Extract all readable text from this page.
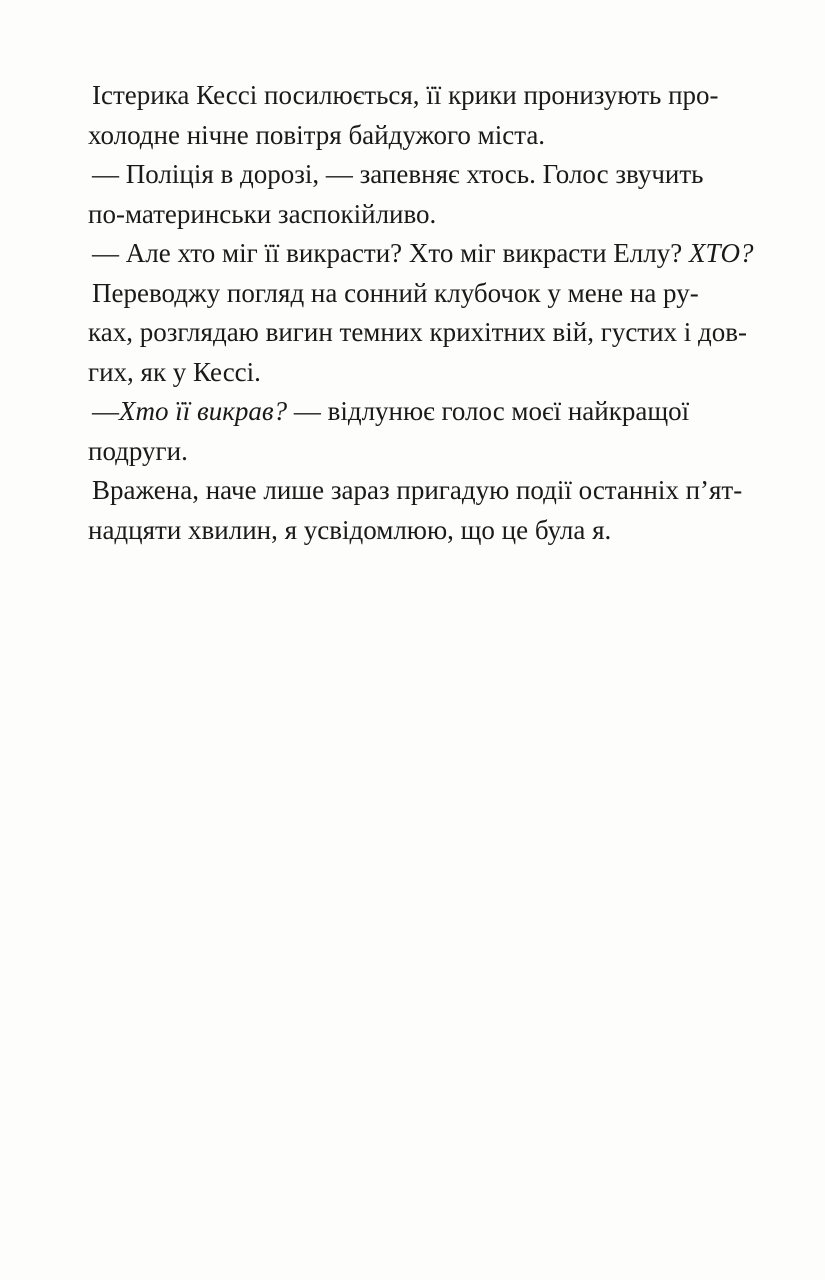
Істерика Кессі посилюється, її крики пронизують про-
холодне нічне повітря байдужого міста.

— Поліція в дорозі, — запевняє хтось. Голос звучить
по-материнськи заспокійливо.

— Але хто міг її викрасти? Хто міг викрасти Еллу? ХТО?

Переводжу погляд на сонний клубочок у мене на ру-
ках, розглядаю вигин темних крихітних вій, густих і дов-
гих, як у Кессі.

—Хто її викрав? — відлунює голос моєї найкращої
подруги.

Вражена, наче лише зараз пригадую події останніх п’ят-
надцяти хвилин, я усвідомлюю, що це була я.
